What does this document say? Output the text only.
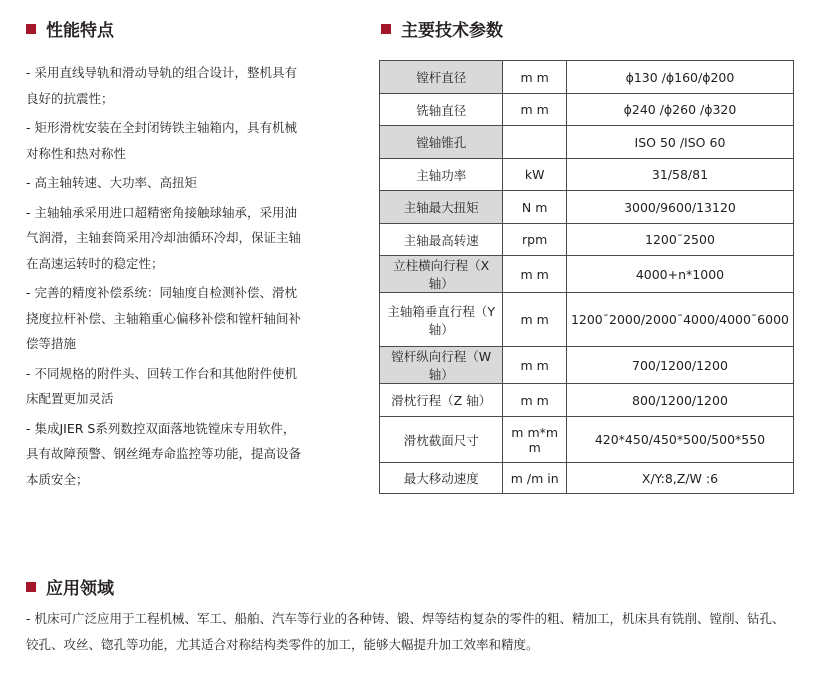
性能特点	主要技术参数

- 采用直线导轨和滑动导轨的组合设计，整机具有良好的抗震性；

- 矩形滑枕安装在全封闭铸铁主轴箱内，具有机械对称性和热对称性

- 高主轴转速、大功率、高扭矩

- 主轴轴承采用进口超精密角接触球轴承，采用油气润滑，主轴套筒采用冷却油循环冷却，保证主轴在高速运转时的稳定性；

- 完善的精度补偿系统：同轴度自检测补偿、滑枕挠度拉杆补偿、主轴箱重心偏移补偿和镗杆轴间补偿等措施

- 不同规格的附件头、回转工作台和其他附件使机床配置更加灵活

- 集成JIER S系列数控双面落地铣镗床专用软件，具有故障预警、钢丝绳寿命监控等功能，提高设备本质安全；

镗杆直径	m m	ϕ130 /ϕ160/ϕ200
铣轴直径	m m	ϕ240 /ϕ260 /ϕ320
镗轴锥孔		ISO 50 /ISO 60
主轴功率	kW	31/58/81
主轴最大扭矩	N m	3000/9600/13120
主轴最高转速	rpm	1200¯2500
立柱横向行程（X 轴）	m m	4000+n*1000
主轴箱垂直行程（Y 轴）	m m	1200¯2000/2000¯4000/4000¯6000
镗杆纵向行程（W 轴）	m m	700/1200/1200
滑枕行程（Z 轴）	m m	800/1200/1200
滑枕截面尺寸	m m*m m	420*450/450*500/500*550
最大移动速度	m /m in	X/Y:8,Z/W :6
应用领域

- 机床可广泛应用于工程机械、军工、船舶、汽车等行业的各种铸、锻、焊等结构复杂的零件的粗、精加工，机床具有铣削、镗削、钻孔、铰孔、攻丝、锪孔等功能，尤其适合对称结构类零件的加工，能够大幅提升加工效率和精度。
